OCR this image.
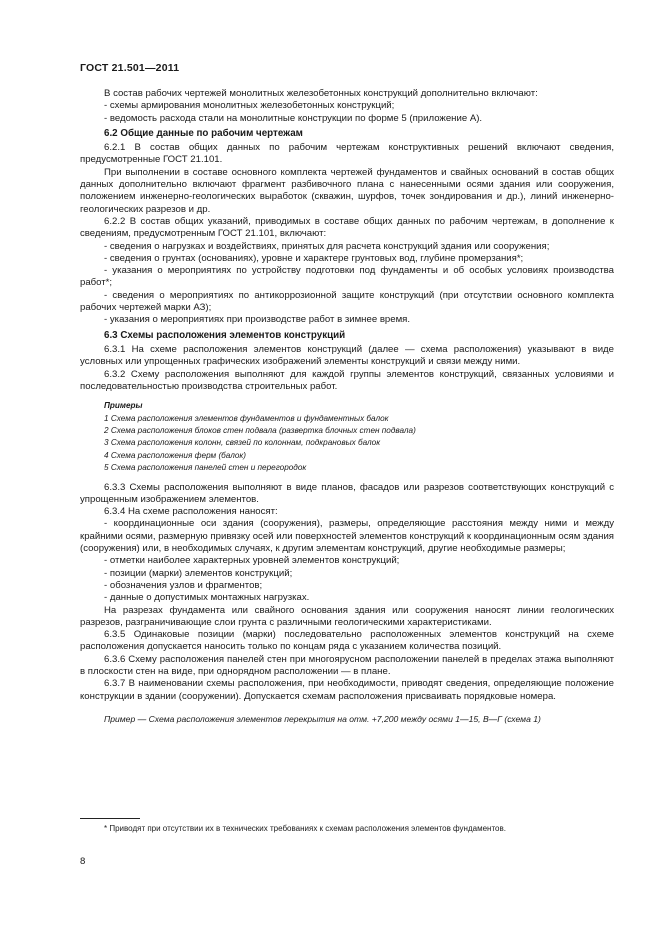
ГОСТ 21.501—2011

В состав рабочих чертежей монолитных железобетонных конструкций дополнительно включают:

- схемы армирования монолитных железобетонных конструкций;

- ведомость расхода стали на монолитные конструкции по форме 5 (приложение А).

6.2 Общие данные по рабочим чертежам

6.2.1 В состав общих данных по рабочим чертежам конструктивных решений включают сведения, предусмотренные ГОСТ 21.101.

При выполнении в составе основного комплекта чертежей фундаментов и свайных оснований в состав общих данных дополнительно включают фрагмент разбивочного плана с нанесенными осями здания или сооружения, положением инженерно-геологических выработок (скважин, шурфов, точек зондирования и др.), линий инженерно-геологических разрезов и др.

6.2.2 В состав общих указаний, приводимых в составе общих данных по рабочим чертежам, в дополнение к сведениям, предусмотренным ГОСТ 21.101, включают:

- сведения о нагрузках и воздействиях, принятых для расчета конструкций здания или сооружения;

- сведения о грунтах (основаниях), уровне и характере грунтовых вод, глубине промерзания*;

- указания о мероприятиях по устройству подготовки под фундаменты и об особых условиях производства работ*;

- сведения о мероприятиях по антикоррозионной защите конструкций (при отсутствии основного комплекта рабочих чертежей марки АЗ);

- указания о мероприятиях при производстве работ в зимнее время.

6.3 Схемы расположения элементов конструкций

6.3.1 На схеме расположения элементов конструкций (далее — схема расположения) указывают в виде условных или упрощенных графических изображений элементы конструкций и связи между ними.

6.3.2 Схему расположения выполняют для каждой группы элементов конструкций, связанных условиями и последовательностью производства строительных работ.

Примеры
1 Схема расположения элементов фундаментов и фундаментных балок
2 Схема расположения блоков стен подвала (развертка блочных стен подвала)
3 Схема расположения колонн, связей по колоннам, подкрановых балок
4 Схема расположения ферм (балок)
5 Схема расположения панелей стен и перегородок

6.3.3 Схемы расположения выполняют в виде планов, фасадов или разрезов соответствующих конструкций с упрощенным изображением элементов.

6.3.4 На схеме расположения наносят:

- координационные оси здания (сооружения), размеры, определяющие расстояния между ними и между крайними осями, размерную привязку осей или поверхностей элементов конструкций к координационным осям здания (сооружения) или, в необходимых случаях, к другим элементам конструкций, другие необходимые размеры;

- отметки наиболее характерных уровней элементов конструкций;

- позиции (марки) элементов конструкций;

- обозначения узлов и фрагментов;

- данные о допустимых монтажных нагрузках.

На разрезах фундамента или свайного основания здания или сооружения наносят линии геологических разрезов, разграничивающие слои грунта с различными геологическими характеристиками.

6.3.5 Одинаковые позиции (марки) последовательно расположенных элементов конструкций на схеме расположения допускается наносить только по концам ряда с указанием количества позиций.

6.3.6 Схему расположения панелей стен при многоярусном расположении панелей в пределах этажа выполняют в плоскости стен на виде, при однорядном расположении — в плане.

6.3.7 В наименовании схемы расположения, при необходимости, приводят сведения, определяющие положение конструкции в здании (сооружении). Допускается схемам расположения присваивать порядковые номера.

Пример — Схема расположения элементов перекрытия на отм. +7,200 между осями 1—15, В—Г (схема 1)

* Приводят при отсутствии их в технических требованиях к схемам расположения элементов фундаментов.
8
